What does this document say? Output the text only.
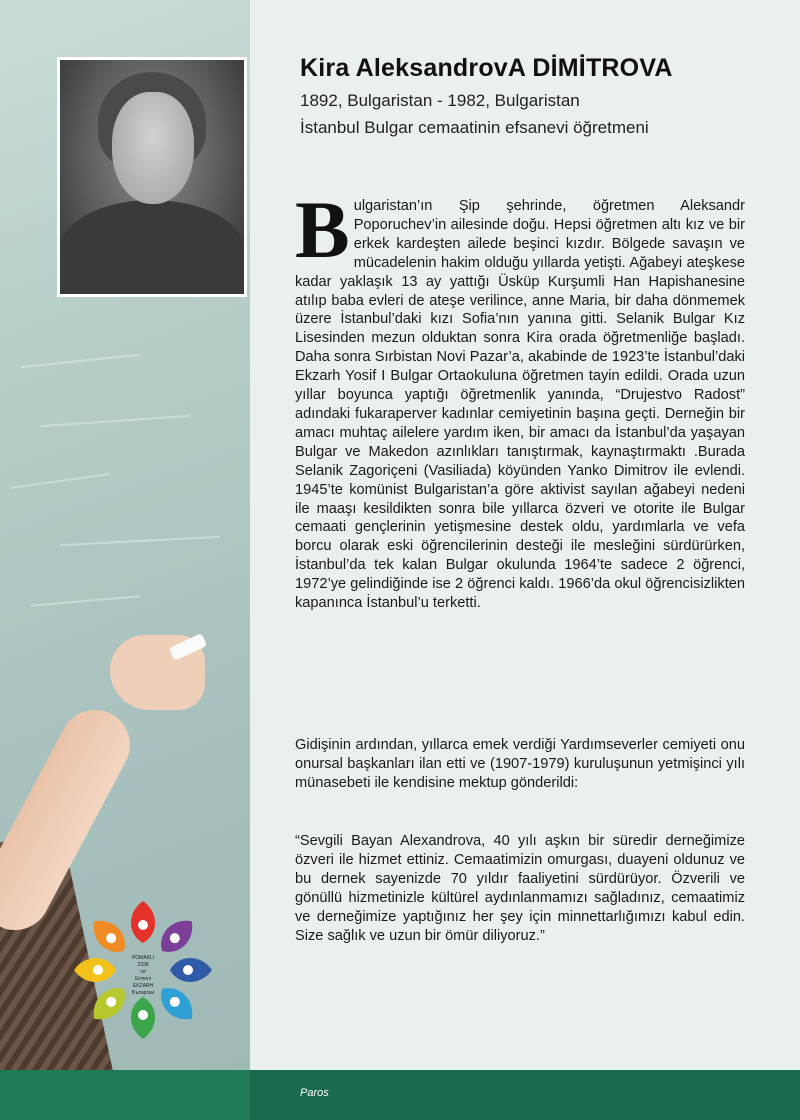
POMAKLI
2328
יווני
Ermeni
EKZARH
Бъларски
Kira AleksandrovA DİMİTROVA
1892, Bulgaristan - 1982, Bulgaristan
İstanbul Bulgar cemaatinin efsanevi öğretmeni

Bulgaristan’ın Şip şehrinde, öğretmen Aleksandr Poporuchev’in ailesinde doğu. Hepsi öğretmen altı kız ve bir erkek kardeşten ailede beşinci kızdır. Bölgede savaşın ve mücadelenin hakim olduğu yıllarda yetişti. Ağabeyi ateşkese kadar yaklaşık 13 ay yattığı Üsküp Kurşumli Han Hapishanesine atılıp baba evleri de ateşe verilince, anne Maria, bir daha dönmemek üzere İstanbul’daki kızı Sofia’nın yanına gitti. Selanik Bulgar Kız Lisesinden mezun olduktan sonra Kira orada öğretmenliğe başladı. Daha sonra Sırbistan Novi Pazar’a, akabinde de 1923’te İstanbul’daki Ekzarh Yosif I Bulgar Ortaokuluna öğretmen tayin edildi. Orada uzun yıllar boyunca yaptığı öğretmenlik yanında, “Drujestvo Radost” adındaki fukaraperver kadınlar cemiyetinin başına geçti. Derneğin bir amacı muhtaç ailelere yardım iken, bir amacı da İstanbul’da yaşayan Bulgar ve Makedon azınlıkları tanıştırmak, kaynaştırmaktı .Burada Selanik Zagoriçeni (Vasiliada) köyünden Yanko Dimitrov ile evlendi. 1945’te komünist Bulgaristan’a göre aktivist sayılan ağabeyi nedeni ile maaşı kesildikten sonra bile yıllarca özveri ve otorite ile Bulgar cemaati gençlerinin yetişmesine destek oldu, yardımlarla ve vefa borcu olarak eski öğrencilerinin desteği ile mesleğini sürdürürken, İstanbul’da tek kalan Bulgar okulunda 1964’te sadece 2 öğrenci, 1972’ye gelindiğinde ise 2 öğrenci kaldı. 1966’da okul öğrencisizlikten kapanınca İstanbul’u terketti.

Gidişinin ardından, yıllarca emek verdiği Yardımseverler cemiyeti onu onursal başkanları ilan etti ve (1907-1979) kuruluşunun yetmişinci yılı münasebeti ile kendisine mektup gönderildi:

“Sevgili Bayan Alexandrova, 40 yılı aşkın bir süredir derneğimize özveri ile hizmet ettiniz. Cemaatimizin omurgası, duayeni oldunuz ve bu dernek sayenizde 70 yıldır faaliyetini sürdürüyor. Özverili ve gönüllü hizmetinizle kültürel aydınlanmamızı sağladınız, cemaatimiz ve derneğimize yaptığınız her şey için minnettarlığımızı kabul edin. Size sağlık ve uzun bir ömür diliyoruz.”

Paros
